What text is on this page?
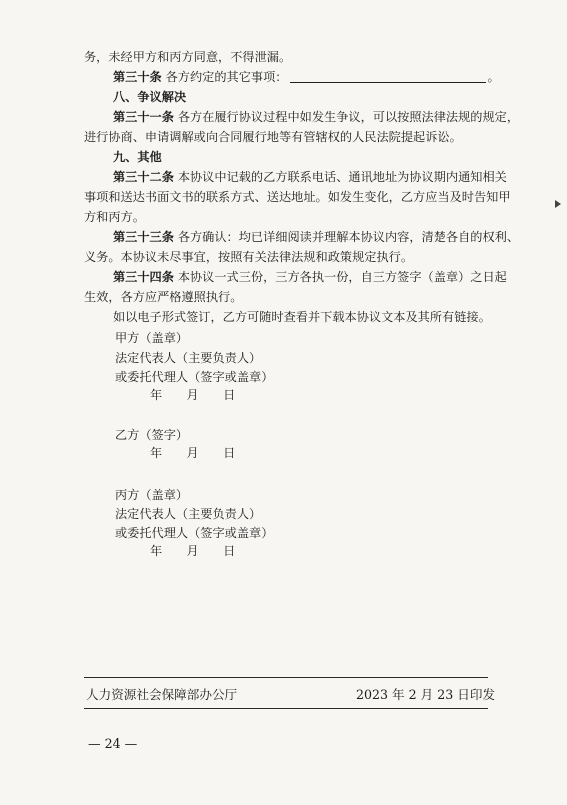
务，未经甲方和丙方同意，不得泄漏。
第三十条 各方约定的其它事项：	。
八、争议解决
第三十一条 各方在履行协议过程中如发生争议，可以按照法律法规的规定，
进行协商、申请调解或向合同履行地等有管辖权的人民法院提起诉讼。
九、其他
第三十二条 本协议中记载的乙方联系电话、通讯地址为协议期内通知相关
事项和送达书面文书的联系方式、送达地址。如发生变化，乙方应当及时告知甲
方和丙方。
第三十三条 各方确认：均已详细阅读并理解本协议内容，清楚各自的权利、
义务。本协议未尽事宜，按照有关法律法规和政策规定执行。
第三十四条 本协议一式三份，三方各执一份，自三方签字（盖章）之日起
生效，各方应严格遵照执行。
如以电子形式签订，乙方可随时查看并下载本协议文本及其所有链接。
甲方（盖章）
法定代表人（主要负责人）
或委托代理人（签字或盖章）
年　　月　　日
乙方（签字）
年　　月　　日
丙方（盖章）
法定代表人（主要负责人）
或委托代理人（签字或盖章）
年　　月　　日
人力资源社会保障部办公厅	2023 年 2 月 23 日印发
— 24 —
